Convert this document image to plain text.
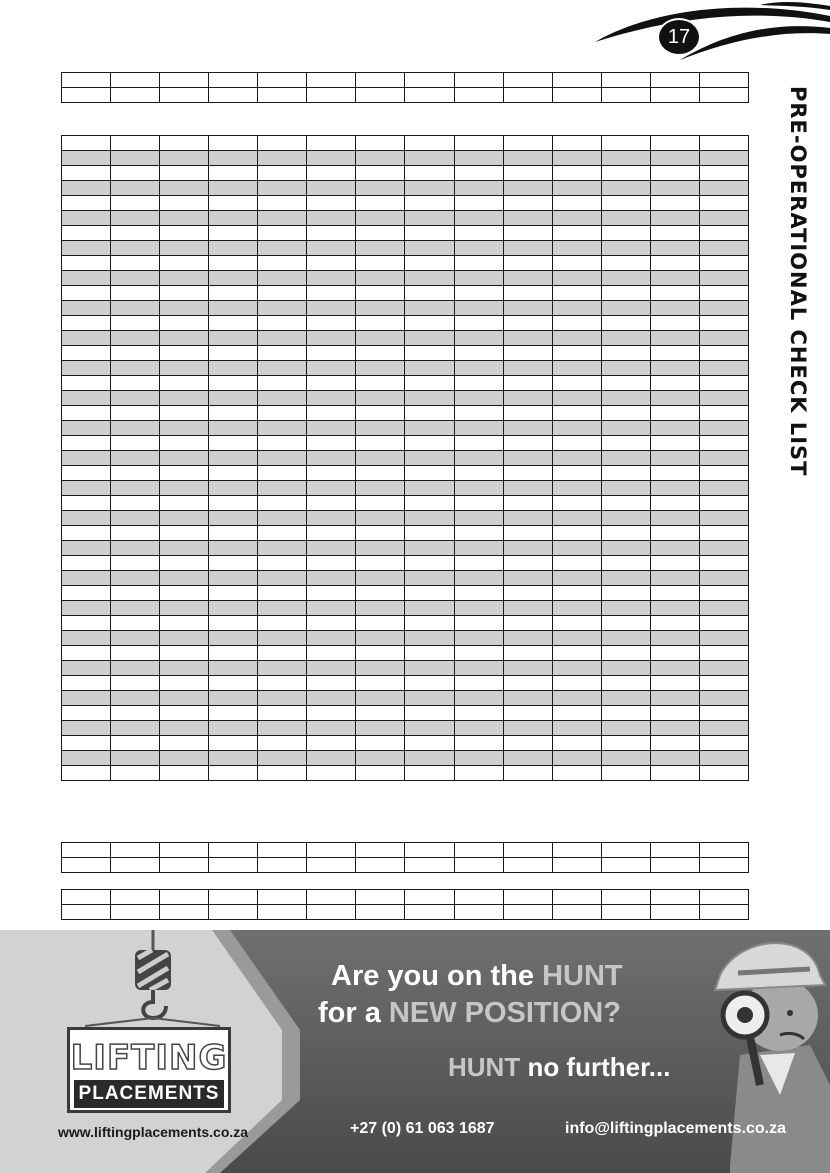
17
PRE-OPERATIONAL CHECK LIST

Are you on the HUNT
for a NEW POSITION?
HUNT no further...
LIFTING
PLACEMENTS
www.liftingplacements.co.za	+27 (0) 61 063 1687	info@liftingplacements.co.za
